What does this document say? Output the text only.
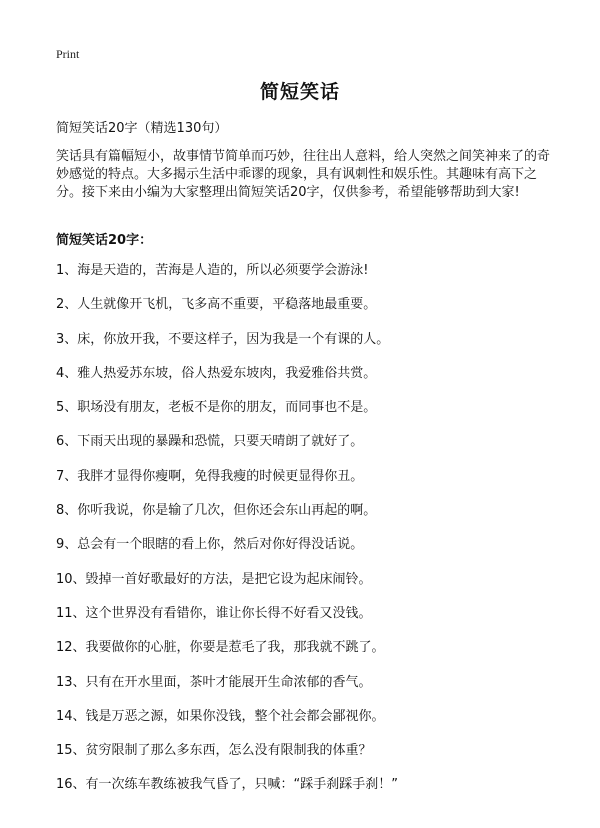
Print
简短笑话
简短笑话20字（精选130句）

笑话具有篇幅短小，故事情节简单而巧妙，往往出人意料，给人突然之间笑神来了的奇妙感觉的特点。大多揭示生活中乖谬的现象，具有讽刺性和娱乐性。其趣味有高下之分。接下来由小编为大家整理出简短笑话20字，仅供参考，希望能够帮助到大家!

简短笑话20字：

1、海是天造的，苦海是人造的，所以必须要学会游泳!
2、人生就像开飞机，飞多高不重要，平稳落地最重要。
3、床，你放开我，不要这样子，因为我是一个有课的人。
4、雅人热爱苏东坡，俗人热爱东坡肉，我爱雅俗共赏。
5、职场没有朋友，老板不是你的朋友，而同事也不是。
6、下雨天出现的暴躁和恐慌，只要天晴朗了就好了。
7、我胖才显得你瘦啊，免得我瘦的时候更显得你丑。
8、你听我说，你是输了几次，但你还会东山再起的啊。
9、总会有一个眼瞎的看上你，然后对你好得没话说。
10、毁掉一首好歌最好的方法，是把它设为起床闹铃。
11、这个世界没有看错你，谁让你长得不好看又没钱。
12、我要做你的心脏，你要是惹毛了我，那我就不跳了。
13、只有在开水里面，茶叶才能展开生命浓郁的香气。
14、钱是万恶之源，如果你没钱，整个社会都会鄙视你。
15、贫穷限制了那么多东西，怎么没有限制我的体重？
16、有一次练车教练被我气昏了，只喊：“踩手刹踩手刹！”
